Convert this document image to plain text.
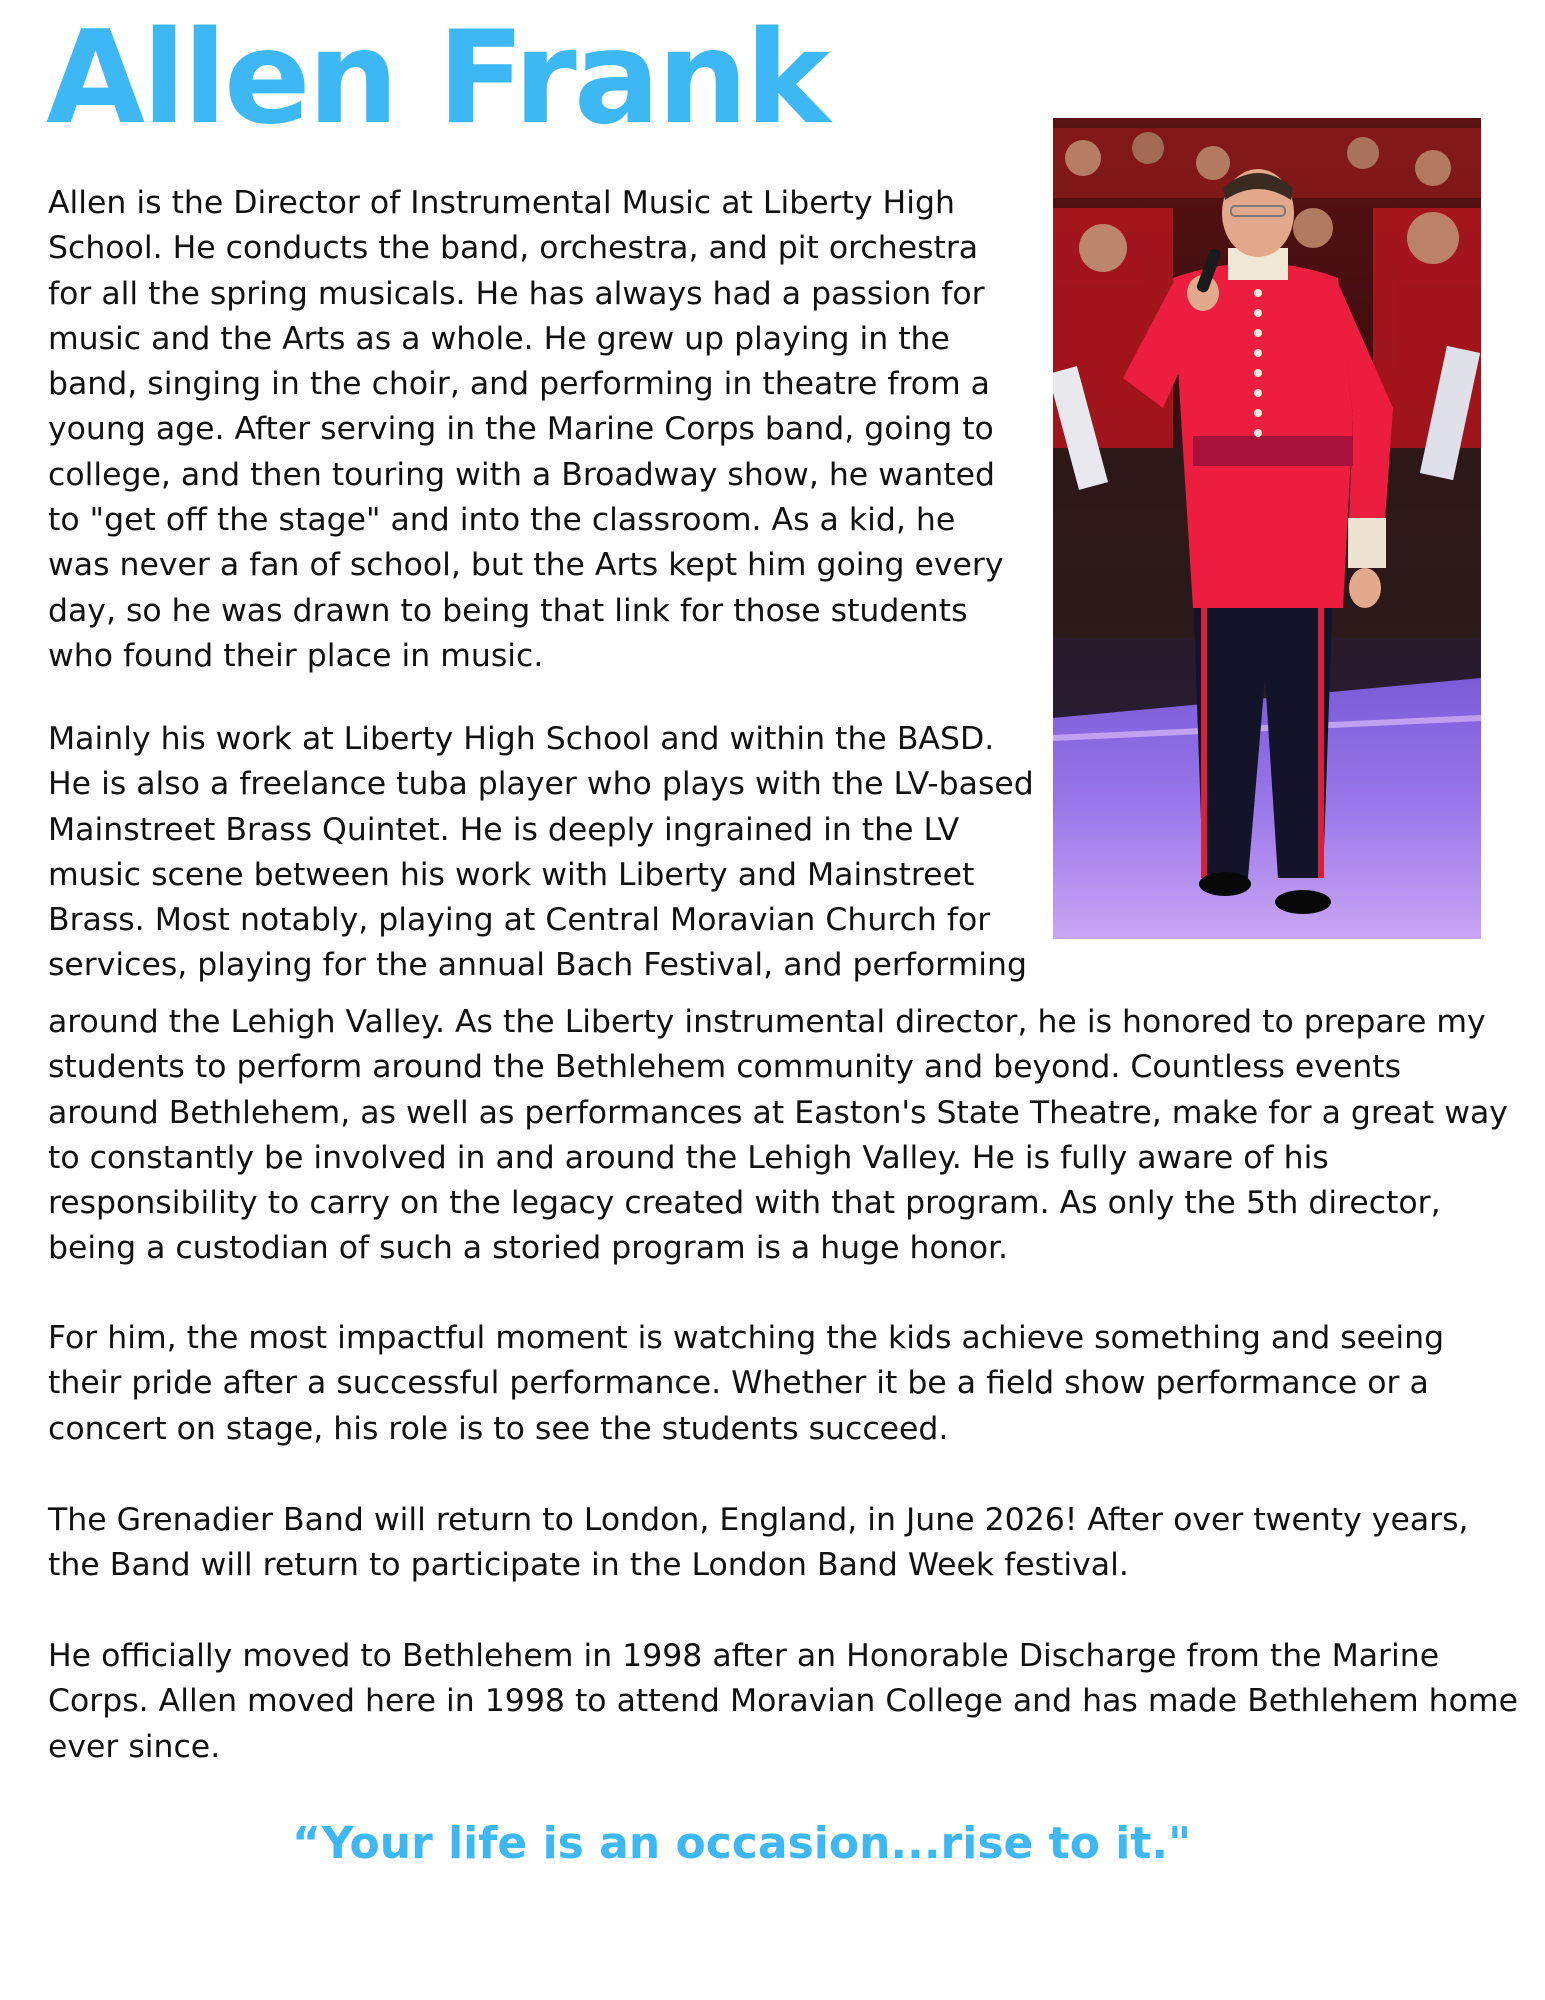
Allen Frank
Allen is the Director of Instrumental Music at Liberty High
School. He conducts the band, orchestra, and pit orchestra
for all the spring musicals. He has always had a passion for
music and the Arts as a whole. He grew up playing in the
band, singing in the choir, and performing in theatre from a
young age. After serving in the Marine Corps band, going to
college, and then touring with a Broadway show, he wanted
to "get off the stage" and into the classroom. As a kid, he
was never a fan of school, but the Arts kept him going every
day, so he was drawn to being that link for those students
who found their place in music.
Mainly his work at Liberty High School and within the BASD.
He is also a freelance tuba player who plays with the LV-based
Mainstreet Brass Quintet. He is deeply ingrained in the LV
music scene between his work with Liberty and Mainstreet
Brass. Most notably, playing at Central Moravian Church for
services, playing for the annual Bach Festival, and performing
around the Lehigh Valley. As the Liberty instrumental director, he is honored to prepare my
students to perform around the Bethlehem community and beyond. Countless events
around Bethlehem, as well as performances at Easton's State Theatre, make for a great way
to constantly be involved in and around the Lehigh Valley. He is fully aware of his
responsibility to carry on the legacy created with that program. As only the 5th director,
being a custodian of such a storied program is a huge honor.
For him, the most impactful moment is watching the kids achieve something and seeing
their pride after a successful performance. Whether it be a field show performance or a
concert on stage, his role is to see the students succeed.
The Grenadier Band will return to London, England, in June 2026! After over twenty years,
the Band will return to participate in the London Band Week festival.
He officially moved to Bethlehem in 1998 after an Honorable Discharge from the Marine
Corps. Allen moved here in 1998 to attend Moravian College and has made Bethlehem home
ever since.
“Your life is an occasion...rise to it."
